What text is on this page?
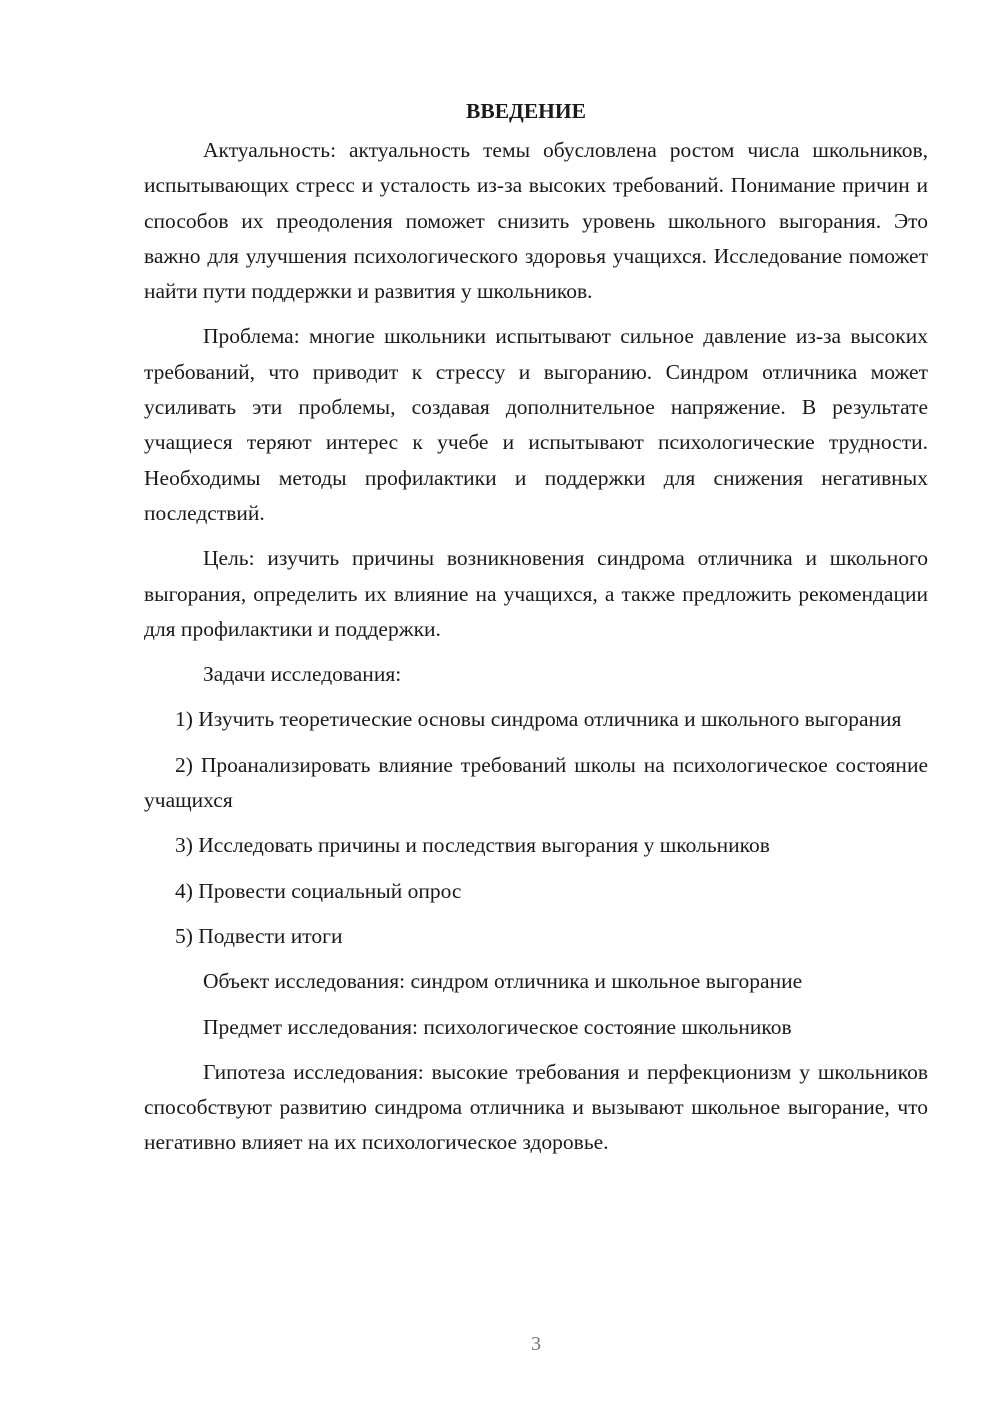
ВВЕДЕНИЕ

Актуальность: актуальность темы обусловлена ростом числа школьников, испытывающих стресс и усталость из-за высоких требований. Понимание причин и способов их преодоления поможет снизить уровень школьного выгорания. Это важно для улучшения психологического здоровья учащихся. Исследование поможет найти пути поддержки и развития у школьников.

Проблема: многие школьники испытывают сильное давление из-за высоких требований, что приводит к стрессу и выгоранию. Синдром отличника может усиливать эти проблемы, создавая дополнительное напряжение. В результате учащиеся теряют интерес к учебе и испытывают психологические трудности. Необходимы методы профилактики и поддержки для снижения негативных последствий.

Цель: изучить причины возникновения синдрома отличника и школьного выгорания, определить их влияние на учащихся, а также предложить рекомендации для профилактики и поддержки.

Задачи исследования:

1) Изучить теоретические основы синдрома отличника и школьного выгорания

2) Проанализировать влияние требований школы на психологическое состояние учащихся

3) Исследовать причины и последствия выгорания у школьников

4) Провести социальный опрос

5) Подвести итоги

Объект исследования: синдром отличника и школьное выгорание

Предмет исследования: психологическое состояние школьников

Гипотеза исследования: высокие требования и перфекционизм у школьников способствуют развитию синдрома отличника и вызывают школьное выгорание, что негативно влияет на их психологическое здоровье.

3
